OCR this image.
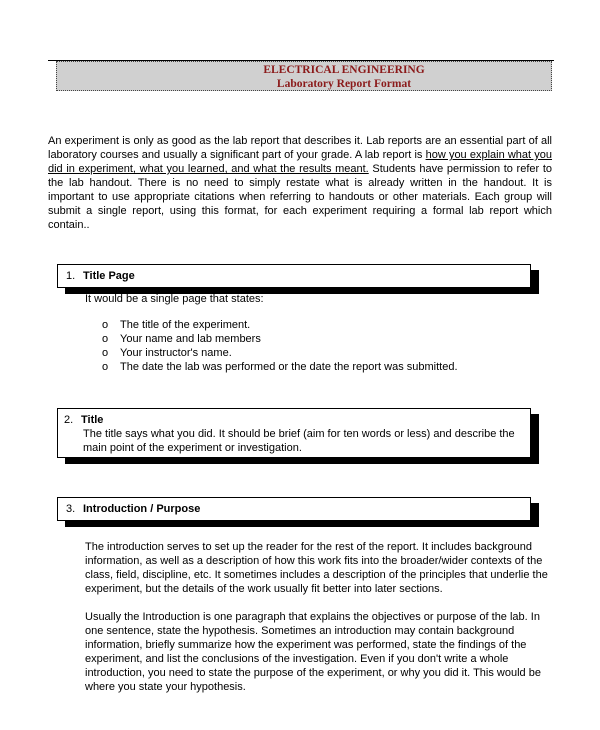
ELECTRICAL ENGINEERING
Laboratory Report Format
An experiment is only as good as the lab report that describes it. Lab reports are an essential part of all laboratory courses and usually a significant part of your grade. A lab report is how you explain what you did in experiment, what you learned, and what the results meant. Students have permission to refer to the lab handout. There is no need to simply restate what is already written in the handout. It is important to use appropriate citations when referring to handouts or other materials. Each group will submit a single report, using this format, for each experiment requiring a formal lab report which contain..
1. Title Page
It would be a single page that states:
o The title of the experiment.
o Your name and lab members
o Your instructor's name.
o The date the lab was performed or the date the report was submitted.
2. Title
The title says what you did. It should be brief (aim for ten words or less) and describe the main point of the experiment or investigation.
3. Introduction / Purpose
The introduction serves to set up the reader for the rest of the report. It includes background information, as well as a description of how this work fits into the broader/wider contexts of the class, field, discipline, etc. It sometimes includes a description of the principles that underlie the experiment, but the details of the work usually fit better into later sections.
Usually the Introduction is one paragraph that explains the objectives or purpose of the lab. In one sentence, state the hypothesis. Sometimes an introduction may contain background information, briefly summarize how the experiment was performed, state the findings of the experiment, and list the conclusions of the investigation. Even if you don't write a whole introduction, you need to state the purpose of the experiment, or why you did it. This would be where you state your hypothesis.
